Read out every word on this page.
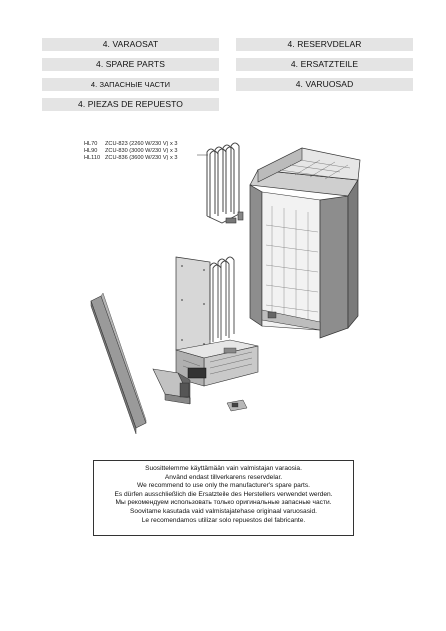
4. VARAOSAT
4. SPARE PARTS
4. ЗАПАСНЫЕ ЧАСТИ
4. PIEZAS DE REPUESTO
4. RESERVDELAR
4. ERSATZTEILE
4. VARUOSAD
HL70 ZCU-823 (2260 W/230 V) x 3
HL90 ZCU-830 (3000 W/230 V) x 3
HL110 ZCU-836 (3600 W/230 V) x 3
Suosittelemme käyttämään vain valmistajan varaosia.
Använd endast tillverkarens reservdelar.
We recommend to use only the manufacturer's spare parts.
Es dürfen ausschließlich die Ersatzteile des Herstellers verwendet werden.
Мы рекомендуем использовать только оригинальные запасные части.
Soovitame kasutada vaid valmistajatehase originaal varuosasid.
Le recomendamos utilizar solo repuestos del fabricante.
